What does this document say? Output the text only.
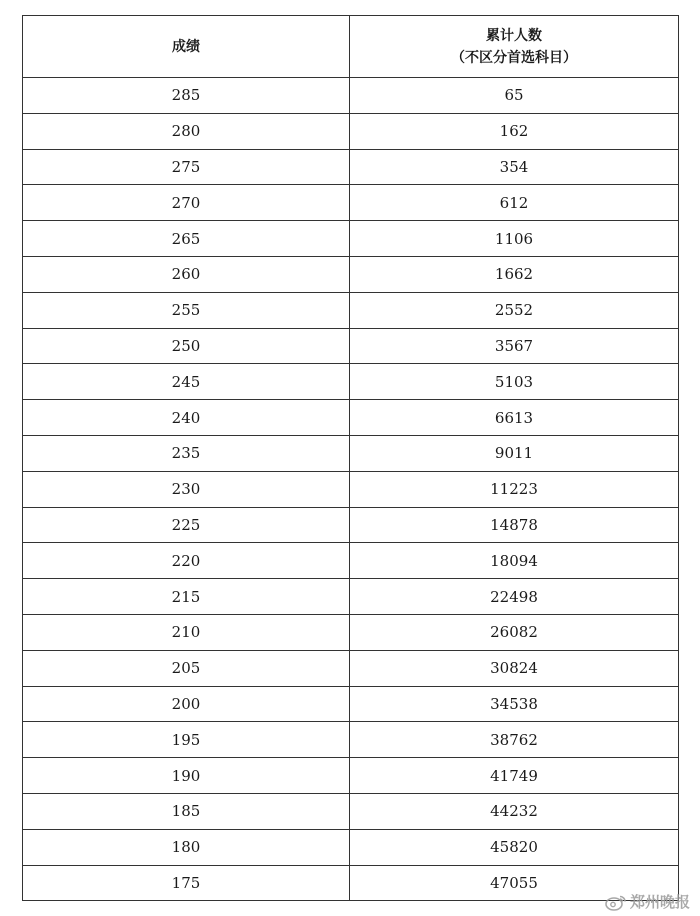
成绩	累计人数
（不区分首选科目）

285	65
280	162
275	354
270	612
265	1106
260	1662
255	2552
250	3567
245	5103
240	6613
235	9011
230	11223
225	14878
220	18094
215	22498
210	26082
205	30824
200	34538
195	38762
190	41749
185	44232
180	45820
175	47055
郑州晚报
